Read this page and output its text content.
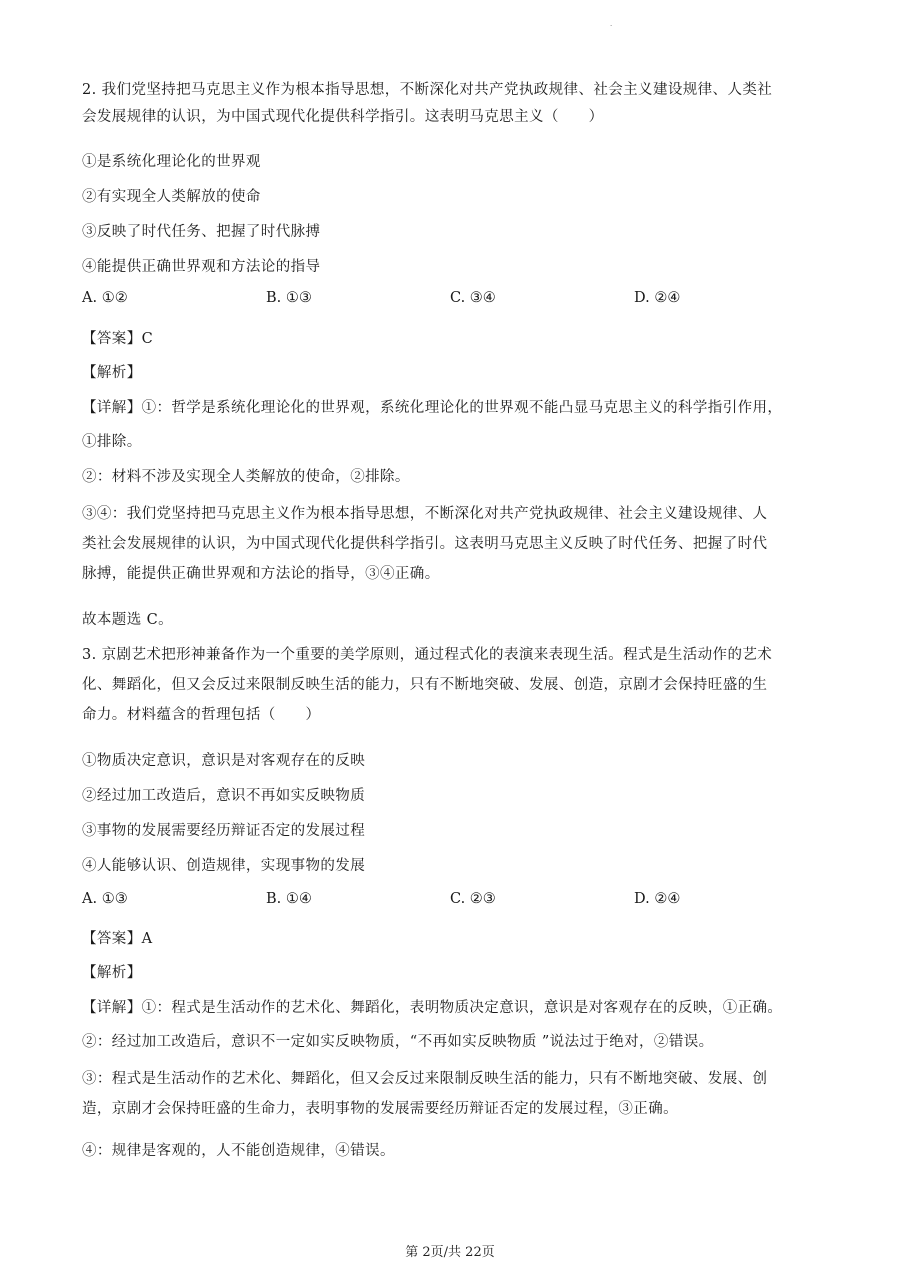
·
2. 我们党坚持把马克思主义作为根本指导思想，不断深化对共产党执政规律、社会主义建设规律、人类社
会发展规律的认识，为中国式现代化提供科学指引。这表明马克思主义（　　）
①是系统化理论化的世界观
②有实现全人类解放的使命
③反映了时代任务、把握了时代脉搏
④能提供正确世界观和方法论的指导
A. ①②	B. ①③	C. ③④	D. ②④
【答案】C
【解析】
【详解】①：哲学是系统化理论化的世界观，系统化理论化的世界观不能凸显马克思主义的科学指引作用，
①排除。
②：材料不涉及实现全人类解放的使命，②排除。
③④：我们党坚持把马克思主义作为根本指导思想，不断深化对共产党执政规律、社会主义建设规律、人
类社会发展规律的认识，为中国式现代化提供科学指引。这表明马克思主义反映了时代任务、把握了时代
脉搏，能提供正确世界观和方法论的指导，③④正确。
故本题选 C。
3. 京剧艺术把形神兼备作为一个重要的美学原则，通过程式化的表演来表现生活。程式是生活动作的艺术
化、舞蹈化，但又会反过来限制反映生活的能力，只有不断地突破、发展、创造，京剧才会保持旺盛的生
命力。材料蕴含的哲理包括（　　）
①物质决定意识，意识是对客观存在的反映
②经过加工改造后，意识不再如实反映物质
③事物的发展需要经历辩证否定的发展过程
④人能够认识、创造规律，实现事物的发展
A. ①③	B. ①④	C. ②③	D. ②④
【答案】A
【解析】
【详解】①：程式是生活动作的艺术化、舞蹈化，表明物质决定意识，意识是对客观存在的反映，①正确。
②：经过加工改造后，意识不一定如实反映物质，“不再如实反映物质 ”说法过于绝对，②错误。
③：程式是生活动作的艺术化、舞蹈化，但又会反过来限制反映生活的能力，只有不断地突破、发展、创
造，京剧才会保持旺盛的生命力，表明事物的发展需要经历辩证否定的发展过程，③正确。
④：规律是客观的，人不能创造规律，④错误。
第 2页/共 22页
